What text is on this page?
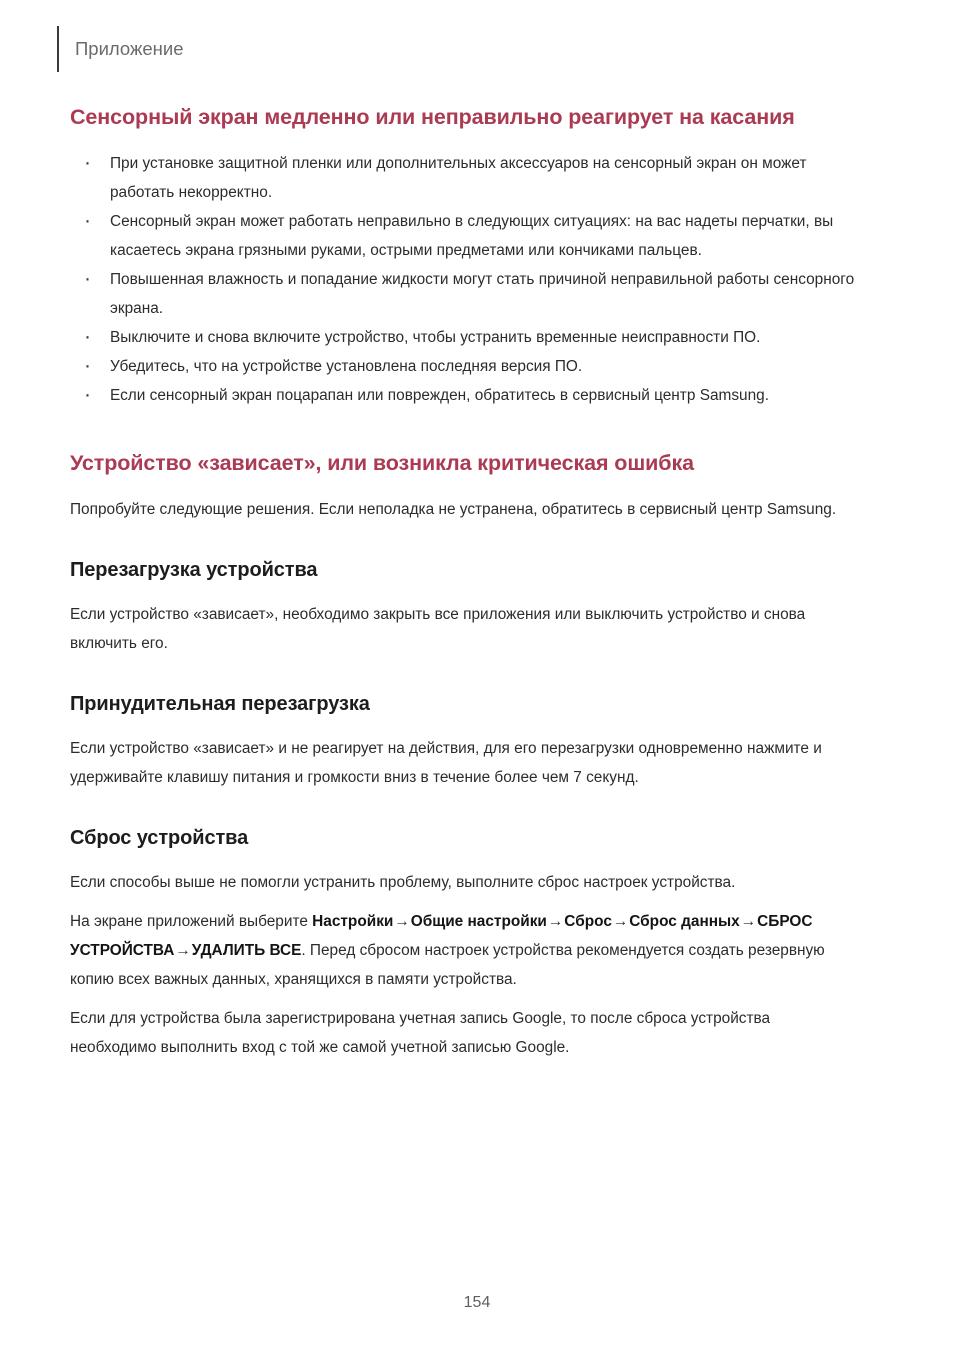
Приложение
Сенсорный экран медленно или неправильно реагирует на касания
· При установке защитной пленки или дополнительных аксессуаров на сенсорный экран он может работать некорректно.
· Сенсорный экран может работать неправильно в следующих ситуациях: на вас надеты перчатки, вы касаетесь экрана грязными руками, острыми предметами или кончиками пальцев.
· Повышенная влажность и попадание жидкости могут стать причиной неправильной работы сенсорного экрана.
· Выключите и снова включите устройство, чтобы устранить временные неисправности ПО.
· Убедитесь, что на устройстве установлена последняя версия ПО.
· Если сенсорный экран поцарапан или поврежден, обратитесь в сервисный центр Samsung.
Устройство «зависает», или возникла критическая ошибка

Попробуйте следующие решения. Если неполадка не устранена, обратитесь в сервисный центр Samsung.

Перезагрузка устройства

Если устройство «зависает», необходимо закрыть все приложения или выключить устройство и снова включить его.

Принудительная перезагрузка

Если устройство «зависает» и не реагирует на действия, для его перезагрузки одновременно нажмите и удерживайте клавишу питания и громкости вниз в течение более чем 7 секунд.

Сброс устройства

Если способы выше не помогли устранить проблему, выполните сброс настроек устройства.

На экране приложений выберите Настройки→Общие настройки→Сброс→Сброс данных→СБРОС УСТРОЙСТВА→УДАЛИТЬ ВСЕ. Перед сбросом настроек устройства рекомендуется создать резервную копию всех важных данных, хранящихся в памяти устройства.

Если для устройства была зарегистрирована учетная запись Google, то после сброса устройства необходимо выполнить вход с той же самой учетной записью Google.

154
